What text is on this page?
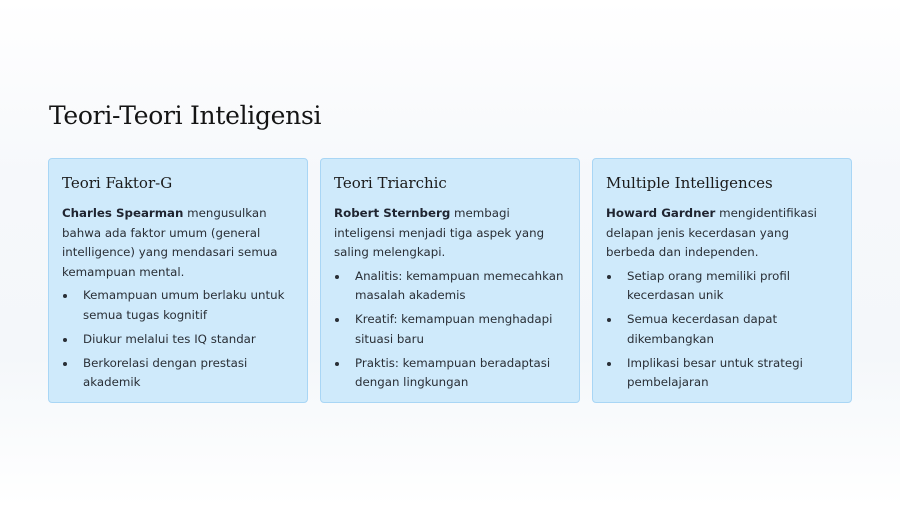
Teori-Teori Inteligensi
Teori Faktor-G

Charles Spearman mengusulkan bahwa ada faktor umum (general intelligence) yang mendasari semua kemampuan mental.

Kemampuan umum berlaku untuk semua tugas kognitif
Diukur melalui tes IQ standar
Berkorelasi dengan prestasi akademik
Teori Triarchic

Robert Sternberg membagi inteligensi menjadi tiga aspek yang saling melengkapi.

Analitis: kemampuan memecahkan masalah akademis
Kreatif: kemampuan menghadapi situasi baru
Praktis: kemampuan beradaptasi dengan lingkungan
Multiple Intelligences

Howard Gardner mengidentifikasi delapan jenis kecerdasan yang berbeda dan independen.

Setiap orang memiliki profil kecerdasan unik
Semua kecerdasan dapat dikembangkan
Implikasi besar untuk strategi pembelajaran
